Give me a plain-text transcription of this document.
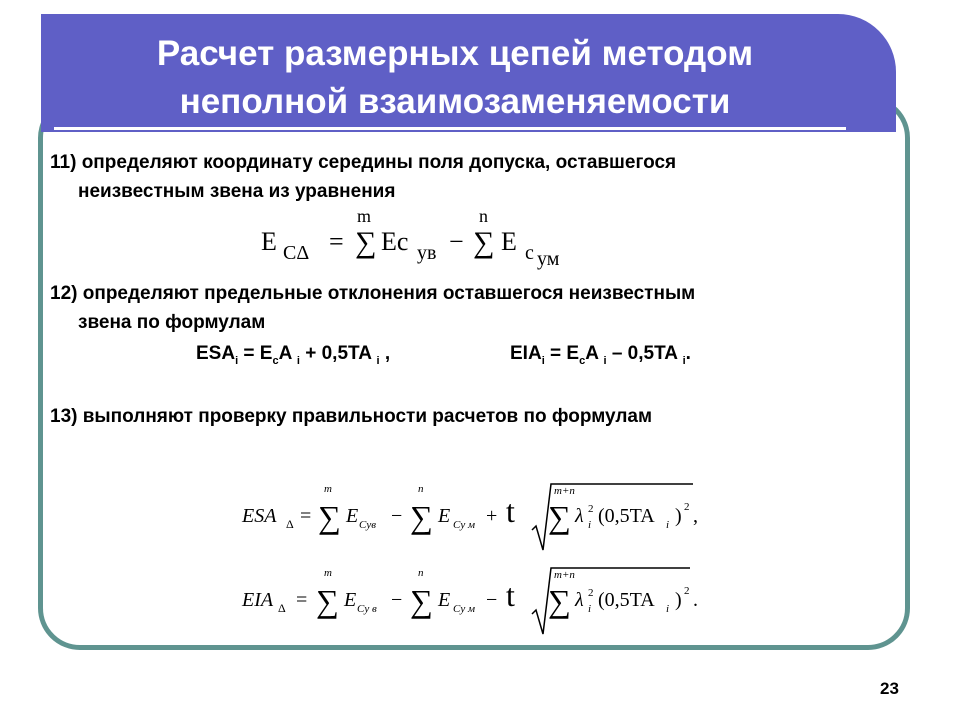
Расчет размерных цепей методом
неполной взаимозаменяемости
11) определяют координату середины поля допуска, оставшегося
неизвестным звена из уравнения
E CΔ =
m
∑ Ec ув −
n
∑ E c ум
12) определяют предельные отклонения оставшегося неизвестным
звена по формулам
$ESA_i = E_cA$ $_i$ + 0,5TA $_i$ ,	$EIA_i = E_cA$ $_i$ – 0,5TA $_i$.
13) выполняют проверку правильности расчетов по формулам
ESA Δ =
m
∑ E Сув −
n
∑ E Су м + t
m+n
∑ λ 2
i (0,5TA i ) 2 ,
EIA Δ =
m
∑ E Су в −
n
∑ E Су м − t
m+n
∑ λ 2
i (0,5TA i ) 2 .
23
